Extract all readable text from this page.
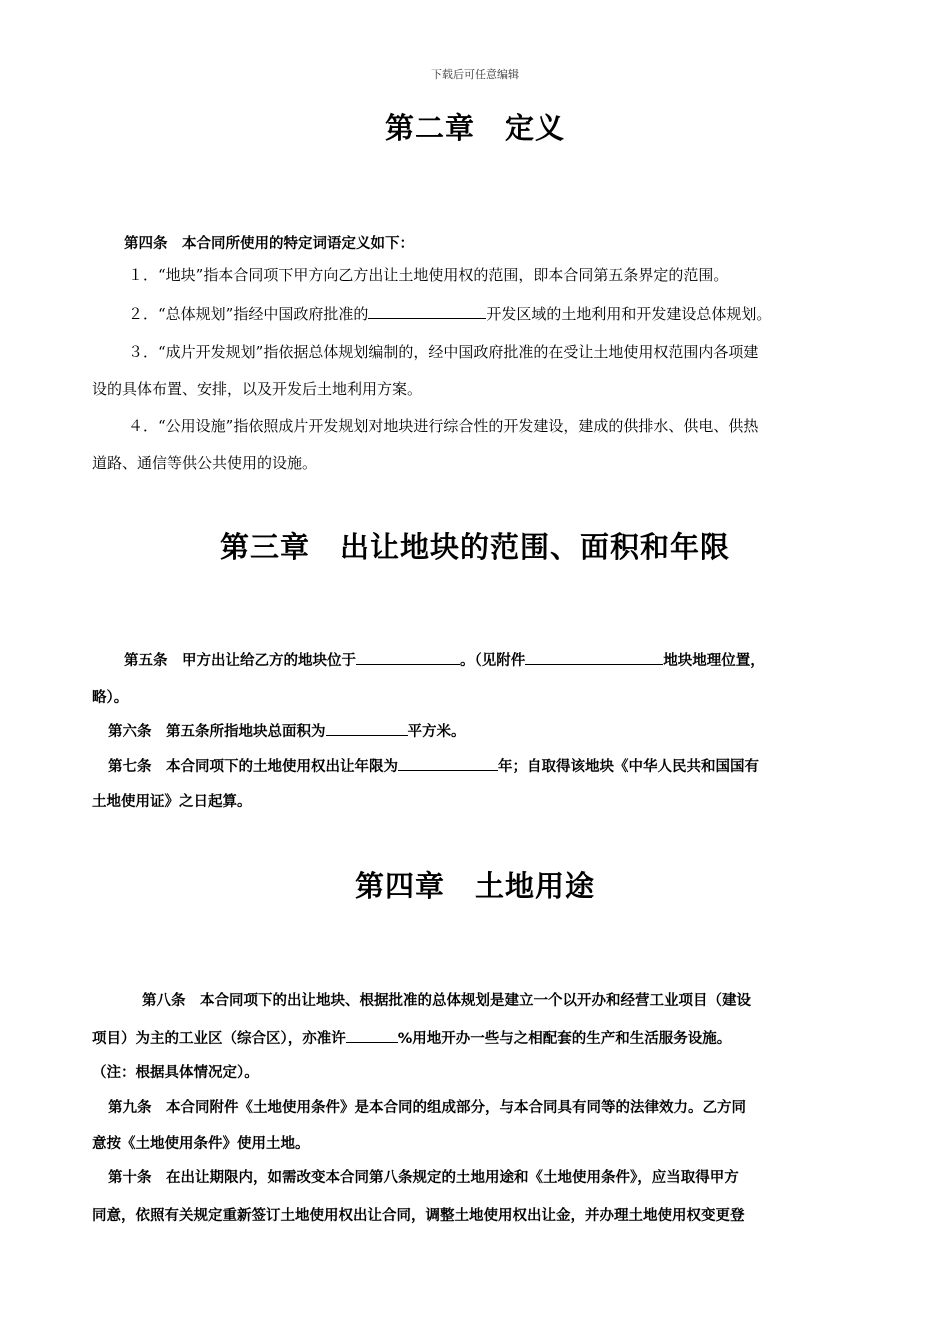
下载后可任意编辑
第二章　定义
第四条　本合同所使用的特定词语定义如下：
１．“地块”指本合同项下甲方向乙方出让土地使用权的范围，即本合同第五条界定的范围。
２．“总体规划”指经中国政府批准的	开发区域的土地利用和开发建设总体规划。
３．“成片开发规划”指依据总体规划编制的，经中国政府批准的在受让土地使用权范围内各项建
设的具体布置、安排，以及开发后土地利用方案。
４．“公用设施”指依照成片开发规划对地块进行综合性的开发建设，建成的供排水、供电、供热
道路、通信等供公共使用的设施。
第三章　出让地块的范围、面积和年限
第五条　甲方出让给乙方的地块位于	。（见附件	地块地理位置，
略）。
第六条　第五条所指地块总面积为	平方米。
第七条　本合同项下的土地使用权出让年限为	年；自取得该地块《中华人民共和国国有
土地使用证》之日起算。
第四章　土地用途
第八条　本合同项下的出让地块、根据批准的总体规划是建立一个以开办和经营工业项目（建设
项目）为主的工业区（综合区），亦准许	%用地开办一些与之相配套的生产和生活服务设施。
（注：根据具体情况定）。
第九条　本合同附件《土地使用条件》是本合同的组成部分，与本合同具有同等的法律效力。乙方同
意按《土地使用条件》使用土地。
第十条　在出让期限内，如需改变本合同第八条规定的土地用途和《土地使用条件》，应当取得甲方
同意，依照有关规定重新签订土地使用权出让合同，调整土地使用权出让金，并办理土地使用权变更登
